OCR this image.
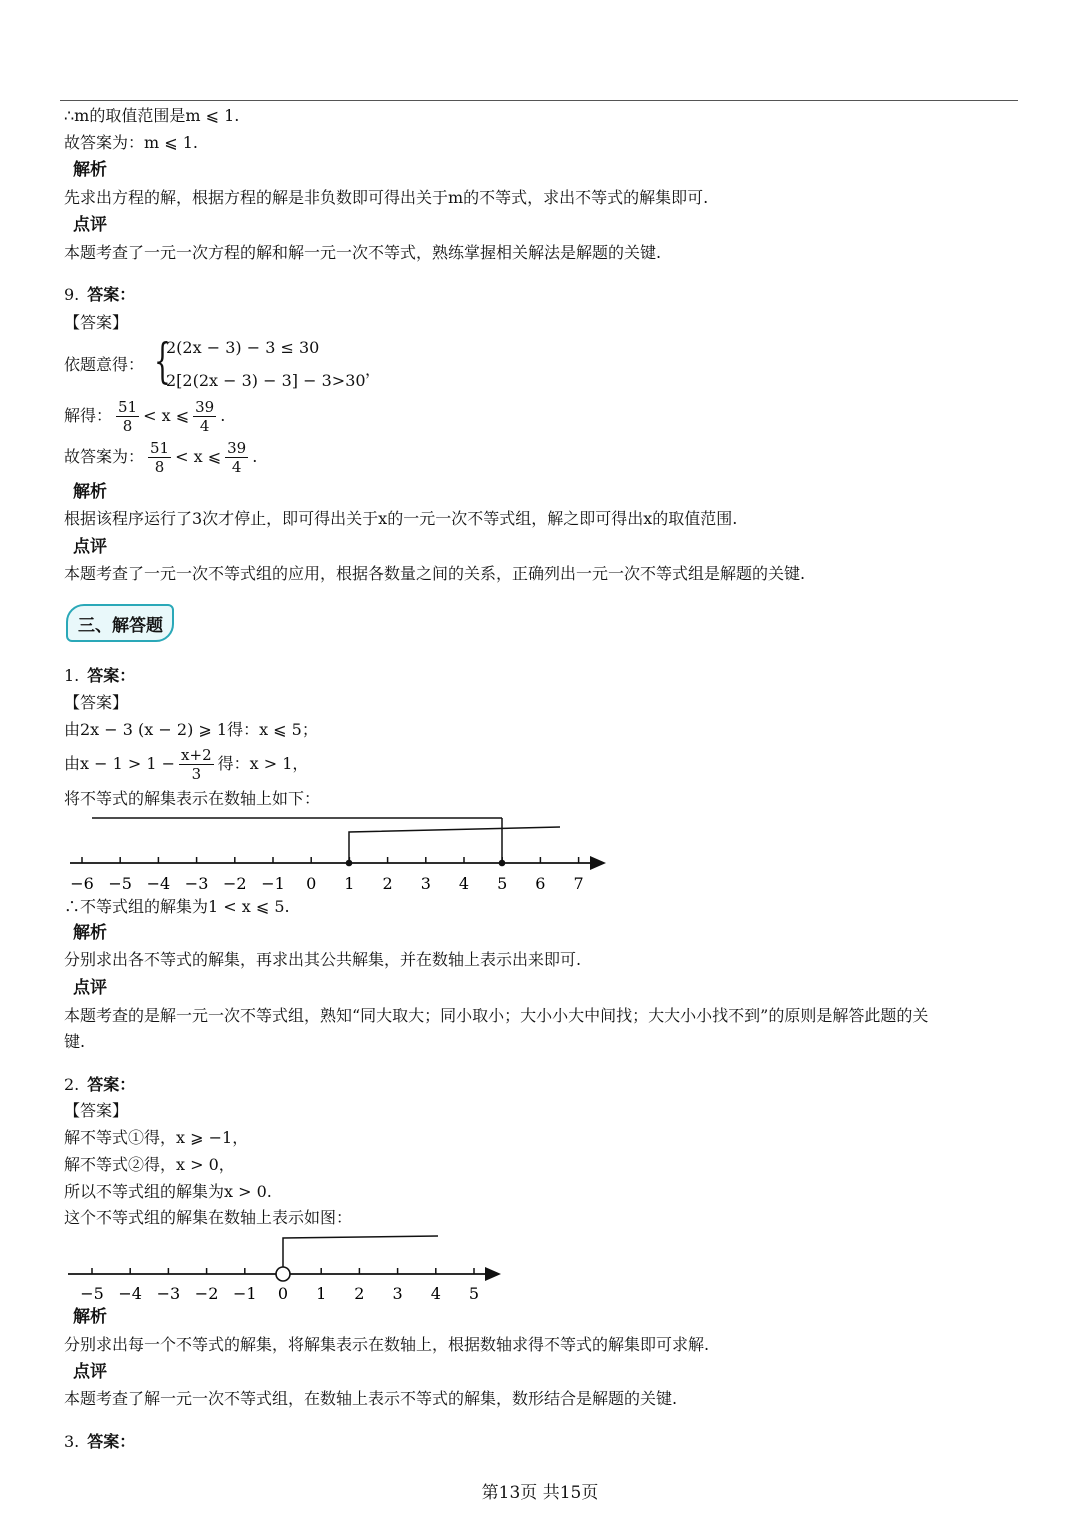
∴m的取值范围是m ⩽ 1.
故答案为：m ⩽ 1.
解析
先求出方程的解，根据方程的解是非负数即可得出关于m的不等式，求出不等式的解集即可.
点评
本题考查了一元一次方程的解和解一元一次不等式，熟练掌握相关解法是解题的关键.
9. 答案：
【答案】
依题意得： {
2(2x − 3) − 3 ≤ 30
2[2(2x − 3) − 3] − 3>30
，
解得： $\frac{51}{8} < x$ ⩽ $\frac{39}{4}$ .
故答案为： $\frac{51}{8} < x$ ⩽ $\frac{39}{4}$ .
解析
根据该程序运行了3次才停止，即可得出关于x的一元一次不等式组，解之即可得出x的取值范围.
点评
本题考查了一元一次不等式组的应用，根据各数量之间的关系，正确列出一元一次不等式组是解题的关键.
三、解答题
1. 答案：
【答案】
由2x − 3 (x − 2) ⩾ 1得：x ⩽ 5；
由$x - 1 > 1 - \frac{x+2}{3}$ 得：x > 1，
将不等式的解集表示在数轴上如下：
−6 −5 −4 −3 −2 −1 0 1 2 3 4 5 6 7
∴不等式组的解集为1 < x ⩽ 5.
解析
分别求出各不等式的解集，再求出其公共解集，并在数轴上表示出来即可.
点评
本题考查的是解一元一次不等式组，熟知“同大取大；同小取小；大小小大中间找；大大小小找不到”的原则是解答此题的关
键.
2. 答案：
【答案】
解不等式①得，x ⩾ −1，
解不等式②得，x > 0，
所以不等式组的解集为x > 0.
这个不等式组的解集在数轴上表示如图：
−5 −4 −3 −2 −1 0 1 2 3 4 5
解析
分别求出每一个不等式的解集，将解集表示在数轴上，根据数轴求得不等式的解集即可求解.
点评
本题考查了解一元一次不等式组，在数轴上表示不等式的解集，数形结合是解题的关键.
3. 答案：
第13页 共15页
